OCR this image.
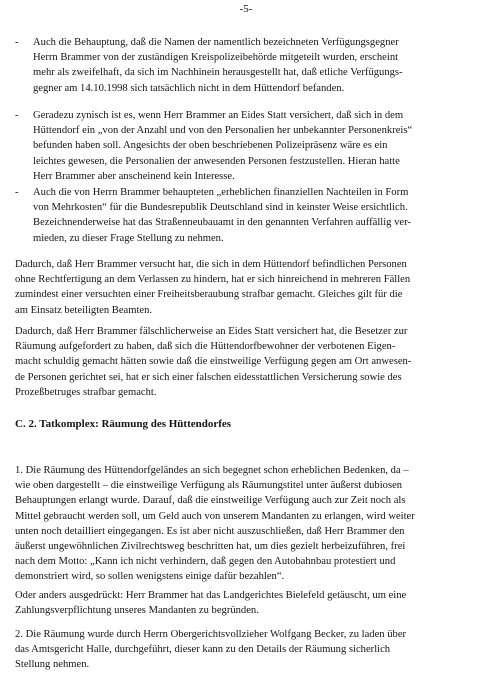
-5-
- Auch die Behauptung, daß die Namen der namentlich bezeichneten Verfügungsgegner
Herrn Brammer von der zuständigen Kreispolizeibehörde mitgeteilt wurden, erscheint
mehr als zweifelhaft, da sich im Nachhinein herausgestellt hat, daß etliche Verfügungs-
gegner am 14.10.1998 sich tatsächlich nicht in dem Hüttendorf befanden.
- Geradezu zynisch ist es, wenn Herr Brammer an Eides Statt versichert, daß sich in dem
Hüttendorf ein „von der Anzahl und von den Personalien her unbekannter Personenkreis“
befunden haben soll. Angesichts der oben beschriebenen Polizeipräsenz wäre es ein
leichtes gewesen, die Personalien der anwesenden Personen festzustellen. Hieran hatte
Herr Brammer aber anscheinend kein Interesse.
- Auch die von Herrn Brammer behaupteten „erheblichen finanziellen Nachteilen in Form
von Mehrkosten“ für die Bundesrepublik Deutschland sind in keinster Weise ersichtlich.
Bezeichnenderweise hat das Straßenneubauamt in den genannten Verfahren auffällig ver-
mieden, zu dieser Frage Stellung zu nehmen.
Dadurch, daß Herr Brammer versucht hat, die sich in dem Hüttendorf befindlichen Personen
ohne Rechtfertigung an dem Verlassen zu hindern, hat er sich hinreichend in mehreren Fällen
zumindest einer versuchten einer Freiheitsberaubung strafbar gemacht. Gleiches gilt für die
am Einsatz beteiligten Beamten.
Dadurch, daß Herr Brammer fälschlicherweise an Eides Statt versichert hat, die Besetzer zur
Räumung aufgefordert zu haben, daß sich die Hüttendorfbewohner der verbotenen Eigen-
macht schuldig gemacht hätten sowie daß die einstweilige Verfügung gegen am Ort anwesen-
de Personen gerichtet sei, hat er sich einer falschen eidesstattlichen Versicherung sowie des
Prozeßbetruges strafbar gemacht.
C. 2. Tatkomplex: Räumung des Hüttendorfes
1. Die Räumung des Hüttendorfgeländes an sich begegnet schon erheblichen Bedenken, da –
wie oben dargestellt – die einstweilige Verfügung als Räumungstitel unter äußerst dubiosen
Behauptungen erlangt wurde. Darauf, daß die einstweilige Verfügung auch zur Zeit noch als
Mittel gebraucht werden soll, um Geld auch von unserem Mandanten zu erlangen, wird weiter
unten noch detailliert eingegangen. Es ist aber nicht auszuschließen, daß Herr Brammer den
äußerst ungewöhnlichen Zivilrechtsweg beschritten hat, um dies gezielt herbeizuführen, frei
nach dem Motto: „Kann ich nicht verhindern, daß gegen den Autobahnbau protestiert und
demonstriert wird, so sollen wenigstens einige dafür bezahlen“.
Oder anders ausgedrückt: Herr Brammer hat das Landgerichtes Bielefeld getäuscht, um eine
Zahlungsverpflichtung unseres Mandanten zu begründen.
2. Die Räumung wurde durch Herrn Obergerichtsvollzieher Wolfgang Becker, zu laden über
das Amtsgericht Halle, durchgeführt, dieser kann zu den Details der Räumung sicherlich
Stellung nehmen.
